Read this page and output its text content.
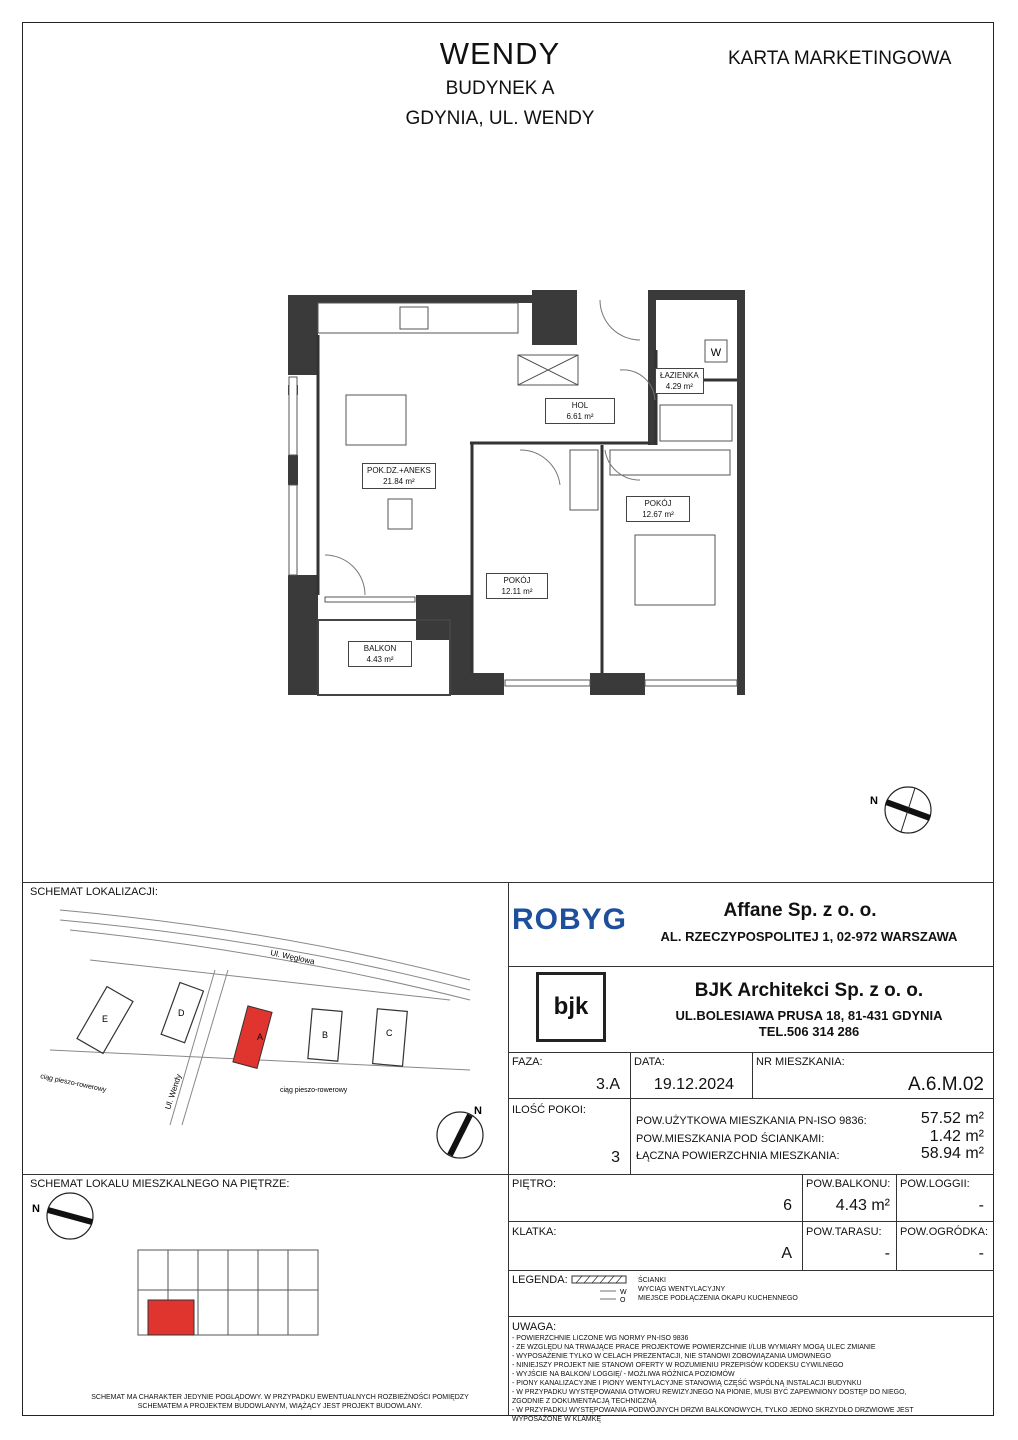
WENDY
BUDYNEK A
GDYNIA, UL. WENDY
KARTA MARKETINGOWA
W
POK.DZ.+ANEKS
21.84 m²
HOL
6.61 m²
ŁAZIENKA
4.29 m²
POKÓJ
12.67 m²
POKÓJ
12.11 m²
BALKON
4.43 m²
N
SCHEMAT LOKALIZACJI:
Ul. Węglowa
Ul. Wendy
ciąg pieszo-rowerowy	ciąg pieszo-rowerowy
E
D
A	B	C
N
SCHEMAT LOKALU MIESZKALNEGO NA PIĘTRZE:
N
SCHEMAT MA CHARAKTER JEDYNIE POGLĄDOWY. W PRZYPADKU EWENTUALNYCH ROZBIEŻNOŚCI POMIĘDZY SCHEMATEM A PROJEKTEM BUDOWLANYM, WIĄŻĄCY JEST PROJEKT BUDOWLANY.
ROBYG	Affane Sp. z o. o.
AL. RZECZYPOSPOLITEJ 1, 02-972 WARSZAWA
bjk
BJK Architekci Sp. z o. o.
UL.BOLESIAWA PRUSA 18, 81-431 GDYNIA
TEL.506 314 286
FAZA:
3.A
DATA:
19.12.2024
NR MIESZKANIA:
A.6.M.02
ILOŚĆ POKOI:
3
POW.UŻYTKOWA MIESZKANIA PN-ISO 9836:	57.52 m²
POW.MIESZKANIA POD ŚCIANKAMI:	1.42 m²
ŁĄCZNA POWIERZCHNIA MIESZKANIA:	58.94 m²
PIĘTRO:
6
POW.BALKONU:
4.43 m²
POW.LOGGII:
-
KLATKA:
A
POW.TARASU:
-
POW.OGRÓDKA:
-
LEGENDA:
W
O
ŚCIANKI
WYCIĄG WENTYLACYJNY
MIEJSCE PODŁĄCZENIA OKAPU KUCHENNEGO
UWAGA:
- POWIERZCHNIE LICZONE WG NORMY PN-ISO 9836
- ZE WZGLĘDU NA TRWAJĄCE PRACE PROJEKTOWE POWIERZCHNIE I/LUB WYMIARY MOGĄ ULEC ZMIANIE
- WYPOSAŻENIE TYLKO W CELACH PREZENTACJI, NIE STANOWI ZOBOWIĄZANIA UMOWNEGO
- NINIEJSZY PROJEKT NIE STANOWI OFERTY W ROZUMIENIU PRZEPISÓW KODEKSU CYWILNEGO
- WYJŚCIE NA BALKON/ LOGGIĘ/ - MOŻLIWA RÓŻNICA POZIOMÓW
- PIONY KANALIZACYJNE I PIONY WENTYLACYJNE STANOWIĄ CZĘŚĆ WSPÓLNĄ INSTALACJI BUDYNKU
- W PRZYPADKU WYSTĘPOWANIA OTWORU REWIZYJNEGO NA PIONIE, MUSI BYĆ ZAPEWNIONY DOSTĘP DO NIEGO, ZGODNIE Z DOKUMENTACJĄ TECHNICZNĄ
- W PRZYPADKU WYSTĘPOWANIA PODWÓJNYCH DRZWI BALKONOWYCH, TYLKO JEDNO SKRZYDŁO DRZWIOWE JEST WYPOSAŻONE W KLAMKĘ
